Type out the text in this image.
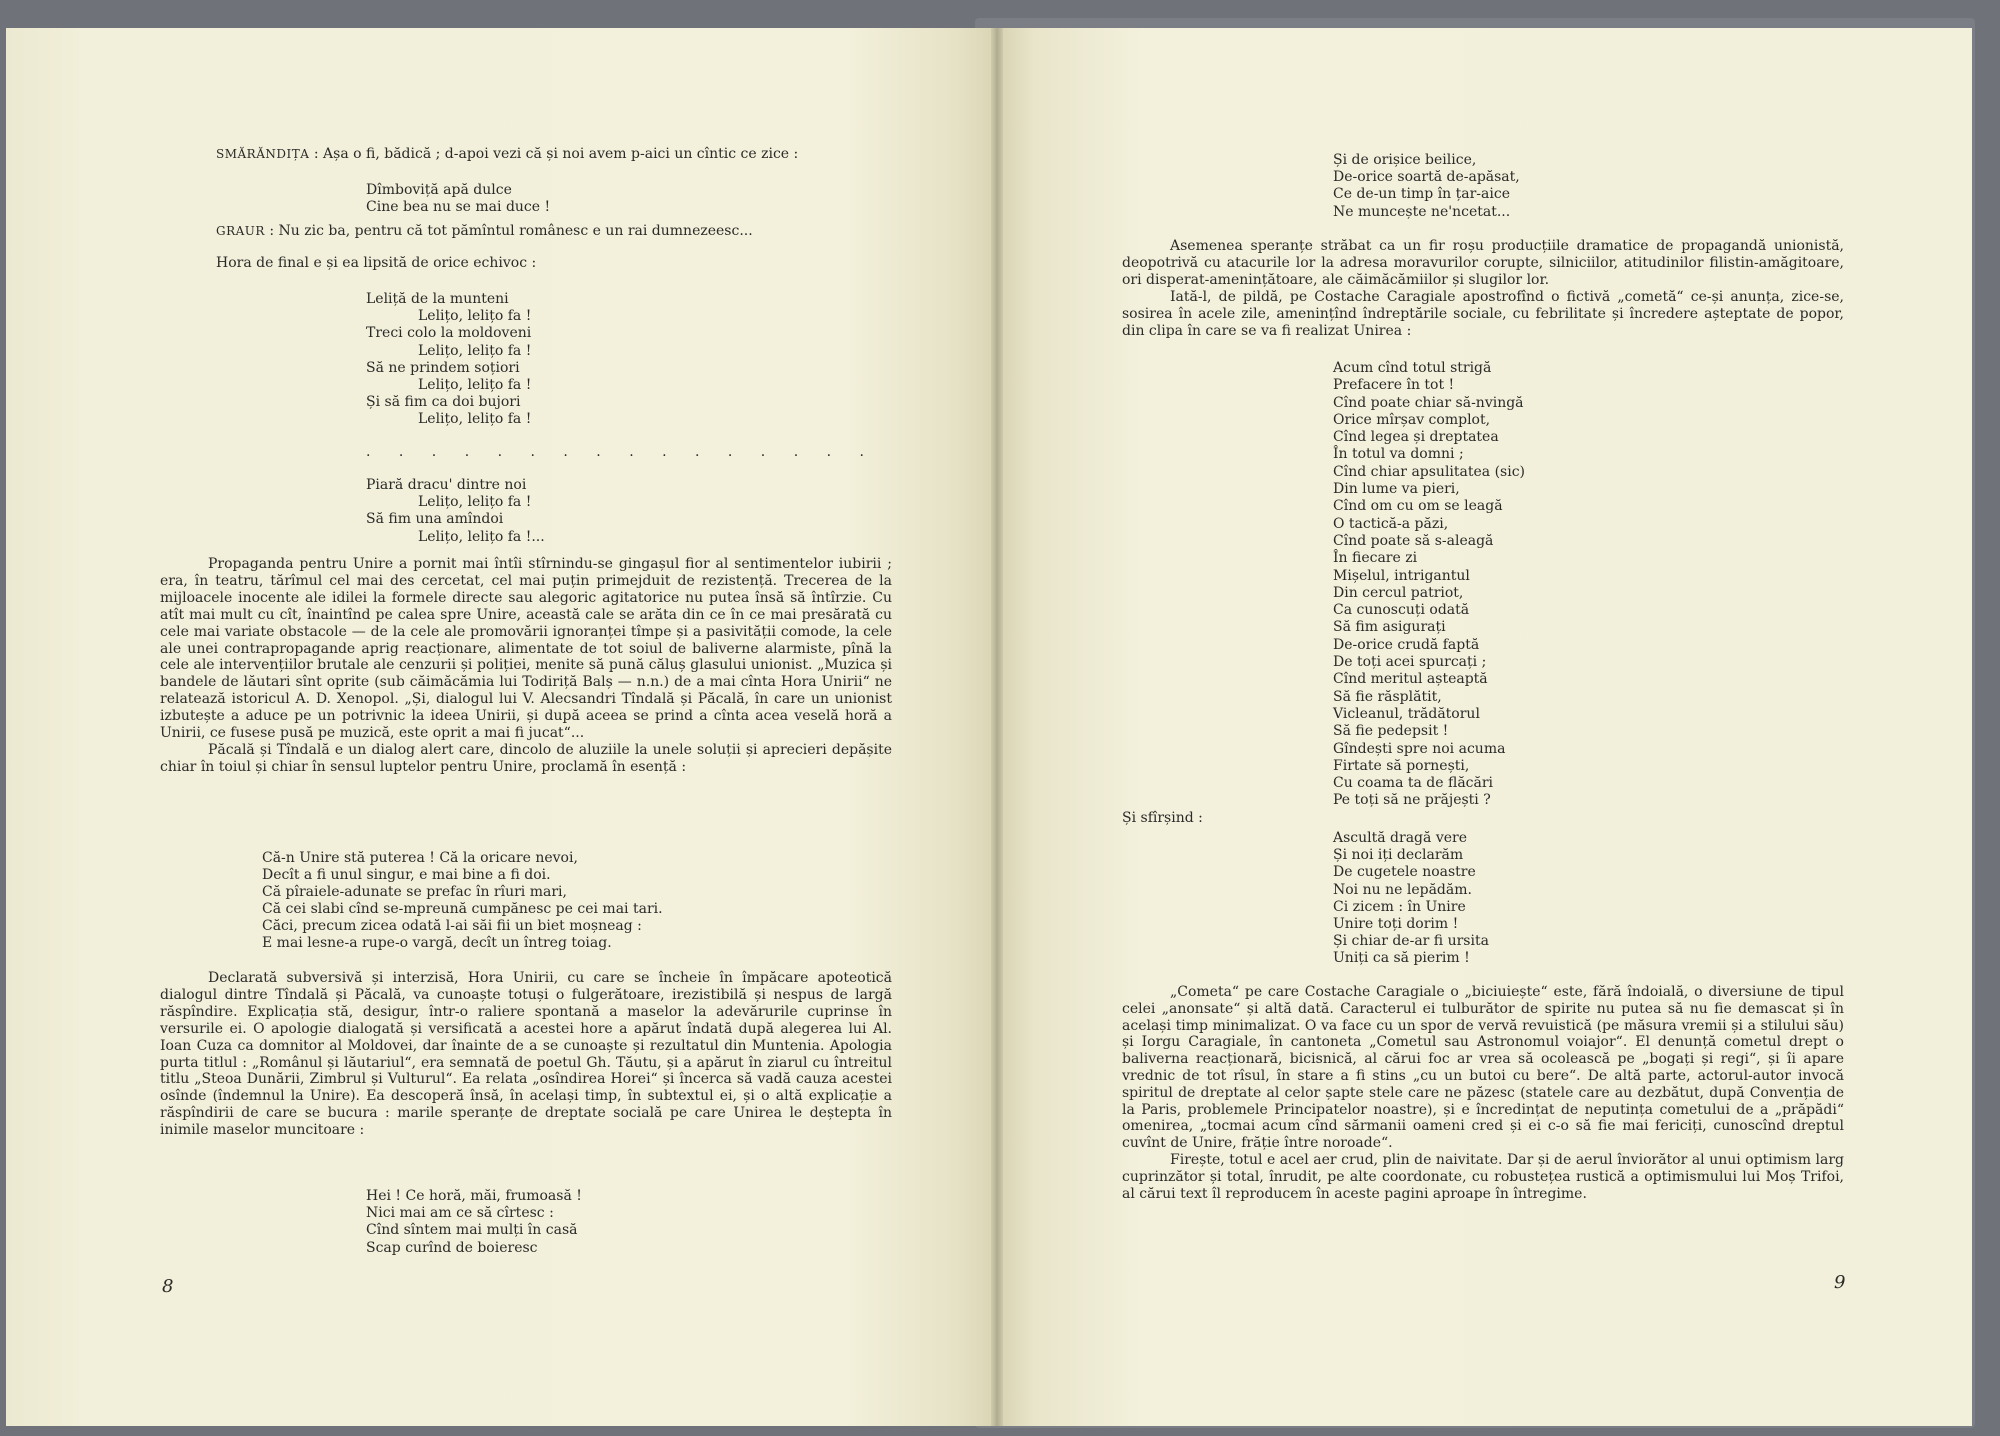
SMĂRĂNDIȚA : Așa o fi, bădică ; d-apoi vezi că și noi avem p-aici un cîntic ce zice :

Dîmboviță apă dulce
Cine bea nu se mai duce !

GRAUR : Nu zic ba, pentru că tot pămîntul românesc e un rai dumnezeesc...

Hora de final e și ea lipsită de orice echivoc :

Leliță de la munteni
Lelițo, lelițo fa !
Treci colo la moldoveni
Lelițo, lelițo fa !
Să ne prindem soțiori
Lelițo, lelițo fa !
Și să fim ca doi bujori
Lelițo, lelițo fa !
. . . . . . . . . . . . . . . .
Piară dracu' dintre noi
Lelițo, lelițo fa !
Să fim una amîndoi
Lelițo, lelițo fa !...

Propaganda pentru Unire a pornit mai întîi stîrnindu-se gingașul fior al sentimentelor iubirii ; era, în teatru, tărîmul cel mai des cercetat, cel mai puțin primejduit de rezistență. Trecerea de la mijloacele inocente ale idilei la formele directe sau alegoric agitatorice nu putea însă să întîrzie. Cu atît mai mult cu cît, înaintînd pe calea spre Unire, această cale se arăta din ce în ce mai presărată cu cele mai variate obstacole — de la cele ale promovării ignoranței tîmpe și a pasivității comode, la cele ale unei contrapropagande aprig reacționare, alimentate de tot soiul de baliverne alarmiste, pînă la cele ale intervențiilor brutale ale cenzurii și poliției, menite să pună căluș glasului unionist. „Muzica și bandele de lăutari sînt oprite (sub căimăcămia lui Todiriță Balș — n.n.) de a mai cînta Hora Unirii“ ne relatează istoricul A. D. Xenopol. „Și, dialogul lui V. Alecsandri Tîndală și Păcală, în care un unionist izbutește a aduce pe un potrivnic la ideea Unirii, și după aceea se prind a cînta acea veselă horă a Unirii, ce fusese pusă pe muzică, este oprit a mai fi jucat“...

Păcală și Tîndală e un dialog alert care, dincolo de aluziile la unele soluții și aprecieri depășite chiar în toiul și chiar în sensul luptelor pentru Unire, proclamă în esență :

Că-n Unire stă puterea ! Că la oricare nevoi,
Decît a fi unul singur, e mai bine a fi doi.
Că pîraiele-adunate se prefac în rîuri mari,
Că cei slabi cînd se-mpreună cumpănesc pe cei mai tari.
Căci, precum zicea odată l-ai săi fii un biet moșneag :
E mai lesne-a rupe-o vargă, decît un întreg toiag.

Declarată subversivă și interzisă, Hora Unirii, cu care se încheie în împăcare apoteotică dialogul dintre Tîndală și Păcală, va cunoaște totuși o fulgerătoare, irezistibilă și nespus de largă răspîndire. Explicația stă, desigur, într-o raliere spontană a maselor la adevărurile cuprinse în versurile ei. O apologie dialogată și versificată a acestei hore a apărut îndată după alegerea lui Al. Ioan Cuza ca domnitor al Moldovei, dar înainte de a se cunoaște și rezultatul din Muntenia. Apologia purta titlul : „Românul și lăutariul“, era semnată de poetul Gh. Tăutu, și a apărut în ziarul cu întreitul titlu „Steoa Dunării, Zimbrul și Vulturul“. Ea relata „osîndirea Horei“ și încerca să vadă cauza acestei osînde (îndemnul la Unire). Ea descoperă însă, în același timp, în subtextul ei, și o altă explicație a răspîndirii de care se bucura : marile speranțe de dreptate socială pe care Unirea le deștepta în inimile maselor muncitoare :

Hei ! Ce horă, măi, frumoasă !
Nici mai am ce să cîrtesc :
Cînd sîntem mai mulți în casă
Scap curînd de boieresc
8
Și de orișice beilice,
De-orice soartă de-apăsat,
Ce de-un timp în țar-aice
Ne muncește ne'ncetat...

Asemenea speranțe străbat ca un fir roșu producțiile dramatice de propagandă unionistă, deopotrivă cu atacurile lor la adresa moravurilor corupte, silniciilor, atitudinilor filistin-amăgitoare, ori disperat-amenințătoare, ale căimăcămiilor și slugilor lor.

Iată-l, de pildă, pe Costache Caragiale apostrofînd o fictivă „cometă“ ce-și anunța, zice-se, sosirea în acele zile, amenințînd îndreptările sociale, cu febrilitate și încredere așteptate de popor, din clipa în care se va fi realizat Unirea :

Acum cînd totul strigă
Prefacere în tot !
Cînd poate chiar să-nvingă
Orice mîrșav complot,
Cînd legea și dreptatea
În totul va domni ;
Cînd chiar apsulitatea (sic)
Din lume va pieri,
Cînd om cu om se leagă
O tactică-a păzi,
Cînd poate să s-aleagă
În fiecare zi
Mișelul, intrigantul
Din cercul patriot,
Ca cunoscuți odată
Să fim asigurați
De-orice crudă faptă
De toți acei spurcați ;
Cînd meritul așteaptă
Să fie răsplătit,
Vicleanul, trădătorul
Să fie pedepsit !
Gîndești spre noi acuma
Firtate să pornești,
Cu coama ta de flăcări
Pe toți să ne prăjești ?

Și sfîrșind :

Ascultă dragă vere
Și noi iți declarăm
De cugetele noastre
Noi nu ne lepădăm.
Ci zicem : în Unire
Unire toți dorim !
Și chiar de-ar fi ursita
Uniți ca să pierim !

„Cometa“ pe care Costache Caragiale o „biciuiește“ este, fără îndoială, o diversiune de tipul celei „anonsate“ și altă dată. Caracterul ei tulburător de spirite nu putea să nu fie demascat și în același timp minimalizat. O va face cu un spor de vervă revuistică (pe măsura vremii și a stilului său) și Iorgu Caragiale, în cantoneta „Cometul sau Astronomul voiajor“. El denunță cometul drept o baliverna reacționară, bicisnică, al cărui foc ar vrea să ocolească pe „bogați și regi“, și îi apare vrednic de tot rîsul, în stare a fi stins „cu un butoi cu bere“. De altă parte, actorul-autor invocă spiritul de dreptate al celor șapte stele care ne păzesc (statele care au dezbătut, după Convenția de la Paris, problemele Principatelor noastre), și e încredințat de neputința cometului de a „prăpădi“ omenirea, „tocmai acum cînd sărmanii oameni cred și ei c-o să fie mai fericiți, cunoscînd dreptul cuvînt de Unire, frăție între noroade“.

Firește, totul e acel aer crud, plin de naivitate. Dar și de aerul înviorător al unui optimism larg cuprinzător și total, înrudit, pe alte coordonate, cu robustețea rustică a optimismului lui Moș Trifoi, al cărui text îl reproducem în aceste pagini aproape în întregime.

9
